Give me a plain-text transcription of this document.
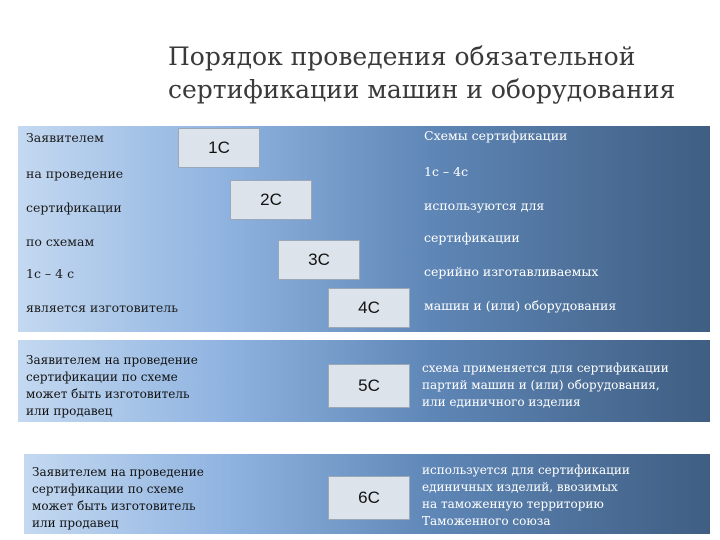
Порядок проведения обязательной
сертификации машин и оборудования
Заявителем
на проведение
сертификации
по схемам
1с – 4 с
является изготовитель
Схемы сертификации
1с – 4с
используются для
сертификации
серийно изготавливаемых
машин и (или) оборудования
1С
2С
3С
4С
5С
6С
Заявителем на проведение
сертификации по схеме
может быть изготовитель
или продавец
схема применяется для сертификации
партий машин и (или) оборудования,
или единичного изделия
Заявителем на проведение
сертификации по схеме
может быть изготовитель
или продавец
используется для сертификации
единичных изделий, ввозимых
на таможенную территорию
Таможенного союза
